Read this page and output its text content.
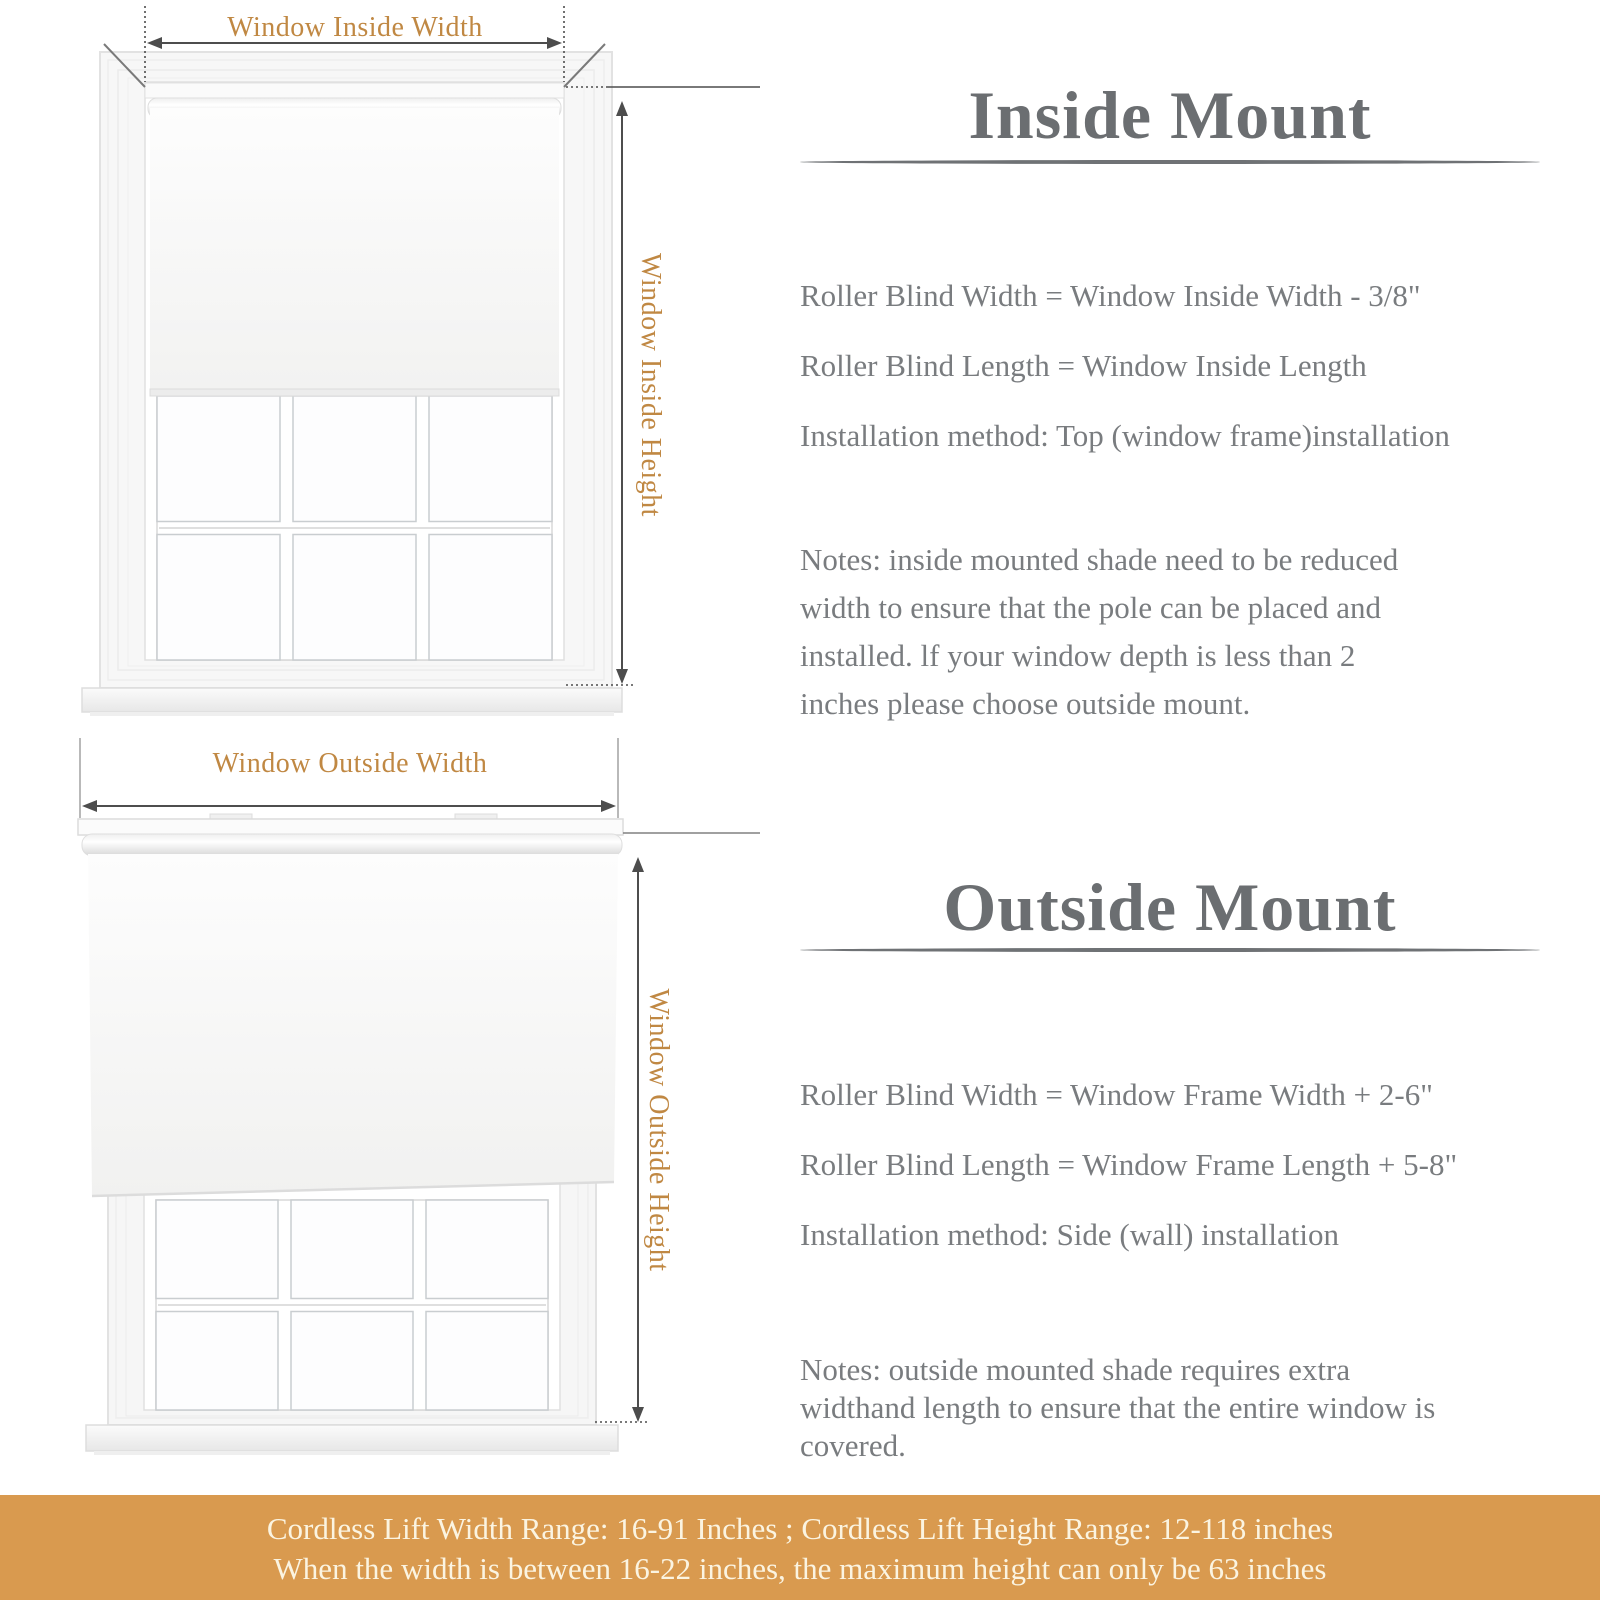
Window Inside Width
Window Inside Height
Window Outside Width
Window Outside Height
Inside Mount

Roller Blind Width = Window Inside Width - 3/8"

Roller Blind Length = Window Inside Length

Installation method: Top (window frame)installation

Notes: inside mounted shade need to be reduced width to ensure that the pole can be placed and installed. lf your window depth is less than 2 inches please choose outside mount.

Outside Mount

Roller Blind Width = Window Frame Width + 2-6"

Roller Blind Length = Window Frame Length + 5-8"

Installation method: Side (wall) installation

Notes: outside mounted shade requires extra widthand length to ensure that the entire window is covered.

Cordless Lift Width Range: 16-91 Inches ; Cordless Lift Height Range: 12-118 inches
When the width is between 16-22 inches, the maximum height can only be 63 inches
